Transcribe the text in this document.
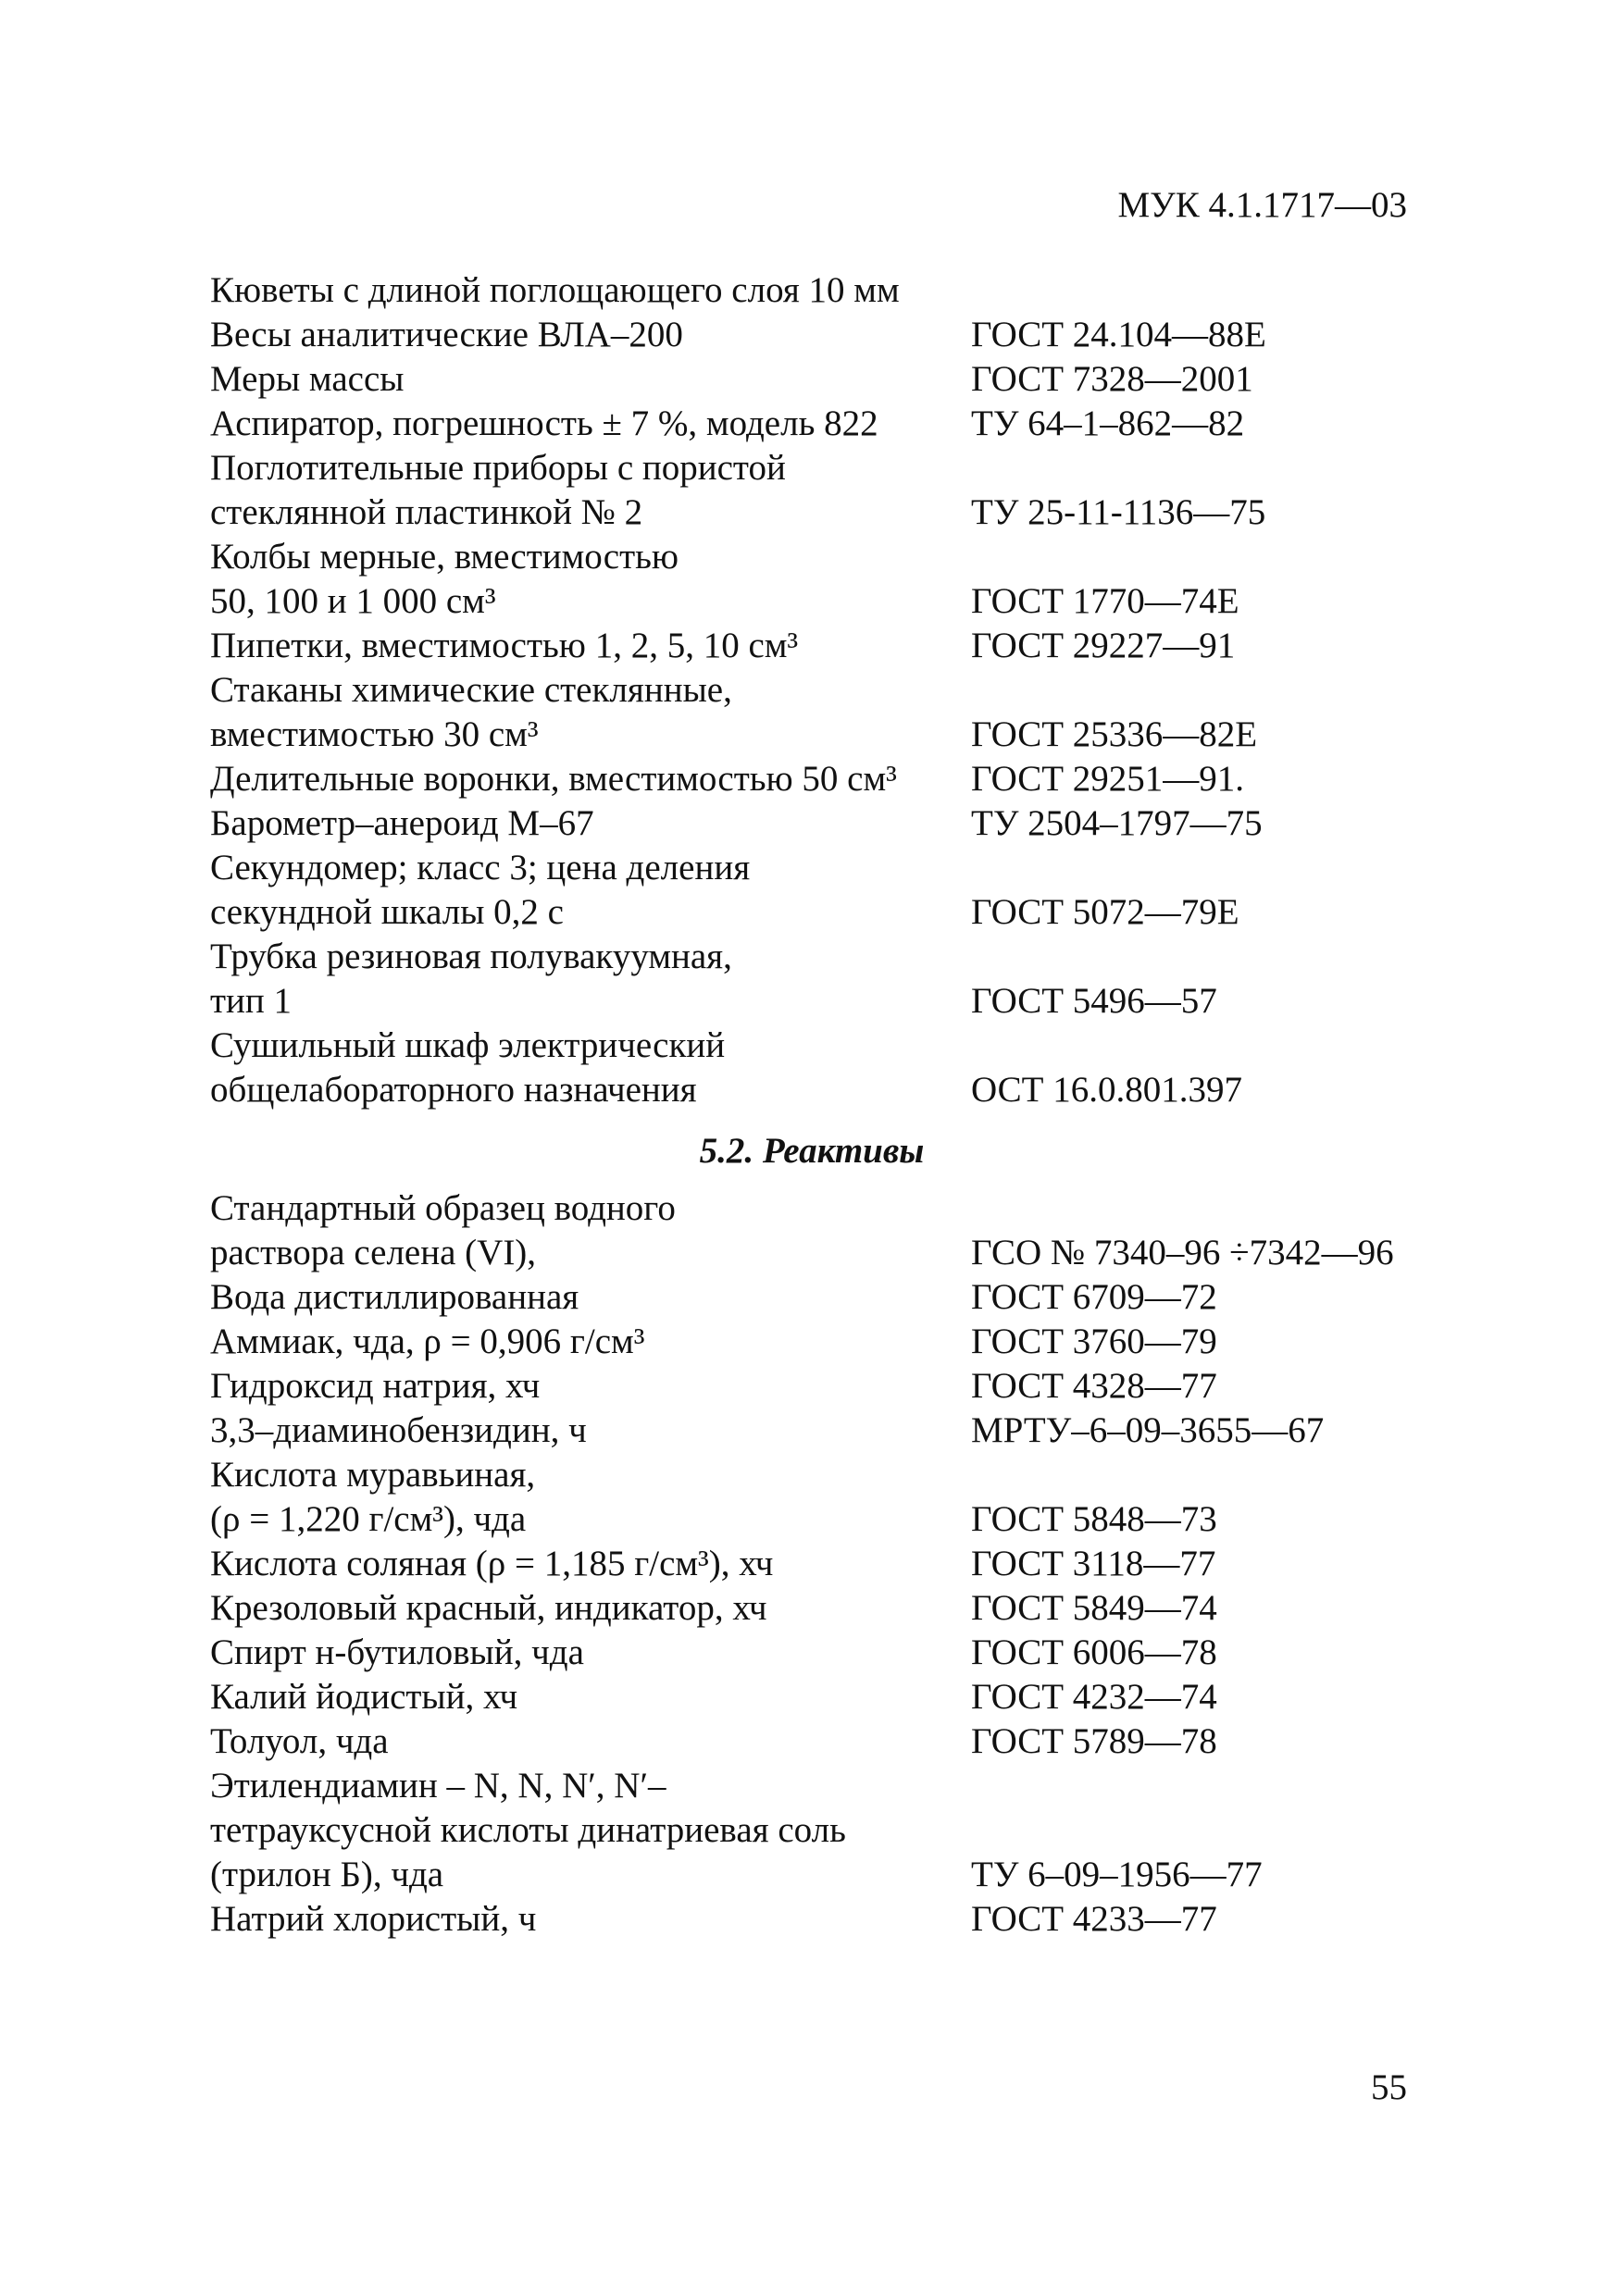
МУК 4.1.1717—03
Кюветы с длиной поглощающего слоя 10 мм
Весы аналитические ВЛА–200	ГОСТ 24.104—88Е
Меры массы	ГОСТ 7328—2001
Аспиратор, погрешность ± 7 %, модель 822	ТУ 64–1–862—82
Поглотительные приборы с пористой
стеклянной пластинкой № 2	ТУ 25-11-1136—75
Колбы мерные, вместимостью
50, 100 и 1 000 см³	ГОСТ 1770—74Е
Пипетки, вместимостью 1, 2, 5, 10 см³	ГОСТ 29227—91
Стаканы химические стеклянные,
вместимостью 30 см³	ГОСТ 25336—82Е
Делительные воронки, вместимостью 50 см³ ГОСТ 29251—91.
Барометр–анероид М–67	ТУ 2504–1797—75
Секундомер; класс 3; цена деления
секундной шкалы 0,2 с	ГОСТ 5072—79Е
Трубка резиновая полувакуумная,
тип 1	ГОСТ 5496—57
Сушильный шкаф электрический
общелабораторного назначения	ОСТ 16.0.801.397
5.2. Реактивы
Стандартный образец водного
раствора селена (VI),	ГСО № 7340–96 ÷7342—96
Вода дистиллированная	ГОСТ 6709—72
Аммиак, чда, ρ = 0,906 г/см³	ГОСТ 3760—79
Гидроксид натрия, хч	ГОСТ 4328—77
3,3–диаминобензидин, ч	МРТУ–6–09–3655—67
Кислота муравьиная,
(ρ = 1,220 г/см³), чда	ГОСТ 5848—73
Кислота соляная (ρ = 1,185 г/см³), хч	ГОСТ 3118—77
Крезоловый красный, индикатор, хч	ГОСТ 5849—74
Спирт н-бутиловый, чда	ГОСТ 6006—78
Калий йодистый, хч	ГОСТ 4232—74
Толуол, чда	ГОСТ 5789—78
Этилендиамин – N, N, N′, N′–
тетрауксусной кислоты динатриевая соль
(трилон Б), чда	ТУ 6–09–1956—77
Натрий хлористый, ч	ГОСТ 4233—77
55
